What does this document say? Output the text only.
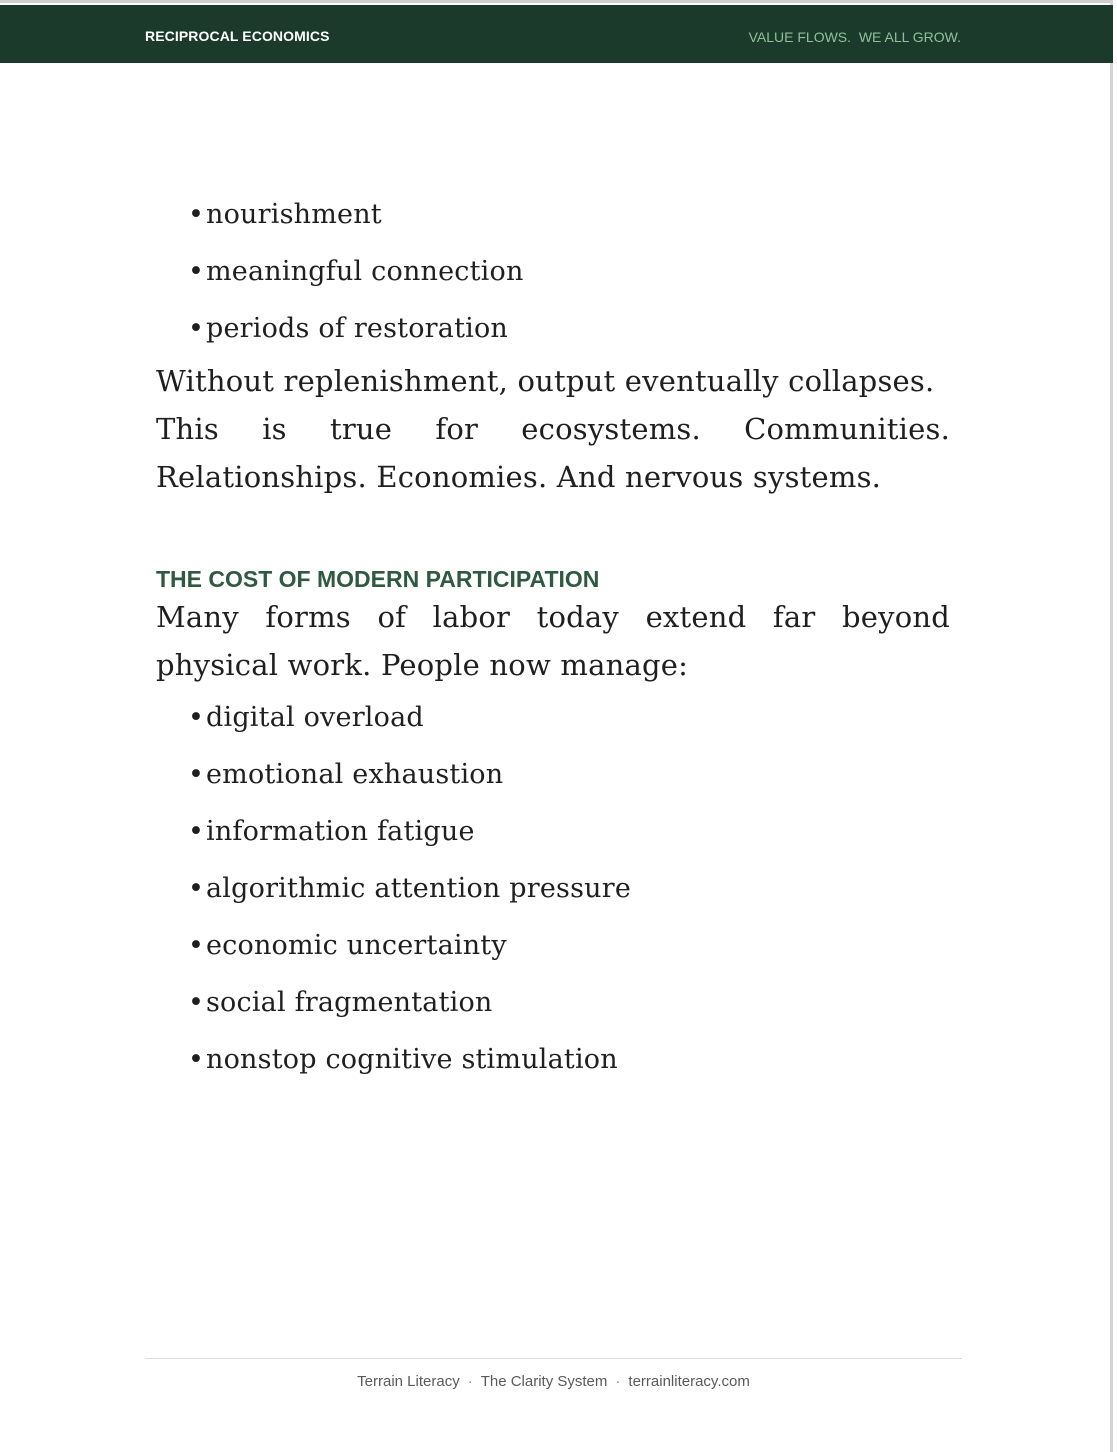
RECIPROCAL ECONOMICS	VALUE FLOWS.  WE ALL GROW.
•nourishment
•meaningful connection
•periods of restoration

Without replenishment, output eventually collapses.

This is true for ecosystems. Communities. Relationships. Economies. And nervous systems.

THE COST OF MODERN PARTICIPATION

Many forms of labor today extend far beyond physical work. People now manage:

•digital overload
•emotional exhaustion
•information fatigue
•algorithmic attention pressure
•economic uncertainty
•social fragmentation
•nonstop cognitive stimulation
Terrain Literacy · The Clarity System · terrainliteracy.com
